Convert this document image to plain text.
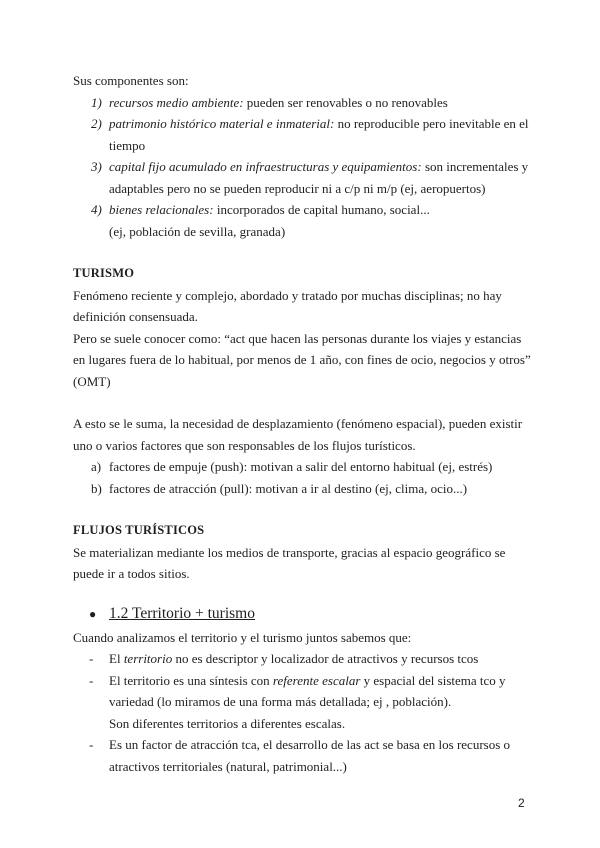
Sus componentes son:

1) recursos medio ambiente: pueden ser renovables o no renovables
2) patrimonio histórico material e inmaterial: no reproducible pero inevitable en el tiempo
3) capital fijo acumulado en infraestructuras y equipamientos: son incrementales y adaptables pero no se pueden reproducir ni a c/p ni m/p (ej, aeropuertos)
4) bienes relacionales: incorporados de capital humano, social...

(ej, población de sevilla, granada)

TURISMO

Fenómeno reciente y complejo, abordado y tratado por muchas disciplinas; no hay definición consensuada.

Pero se suele conocer como: “act que hacen las personas durante los viajes y estancias en lugares fuera de lo habitual, por menos de 1 año, con fines de ocio, negocios y otros” (OMT)

A esto se le suma, la necesidad de desplazamiento (fenómeno espacial), pueden existir uno o varios factores que son responsables de los flujos turísticos.

a) factores de empuje (push): motivan a salir del entorno habitual (ej, estrés)
b) factores de atracción (pull): motivan a ir al destino (ej, clima, ocio...)

FLUJOS TURÍSTICOS

Se materializan mediante los medios de transporte, gracias al espacio geográfico se puede ir a todos sitios.

● 1.2 Territorio + turismo

Cuando analizamos el territorio y el turismo juntos sabemos que:

- El territorio no es descriptor y localizador de atractivos y recursos tcos
- El territorio es una síntesis con referente escalar y espacial del sistema tco y variedad (lo miramos de una forma más detallada; ej , población).

Son diferentes territorios a diferentes escalas.

- Es un factor de atracción tca, el desarrollo de las act se basa en los recursos o atractivos territoriales (natural, patrimonial...)
2
